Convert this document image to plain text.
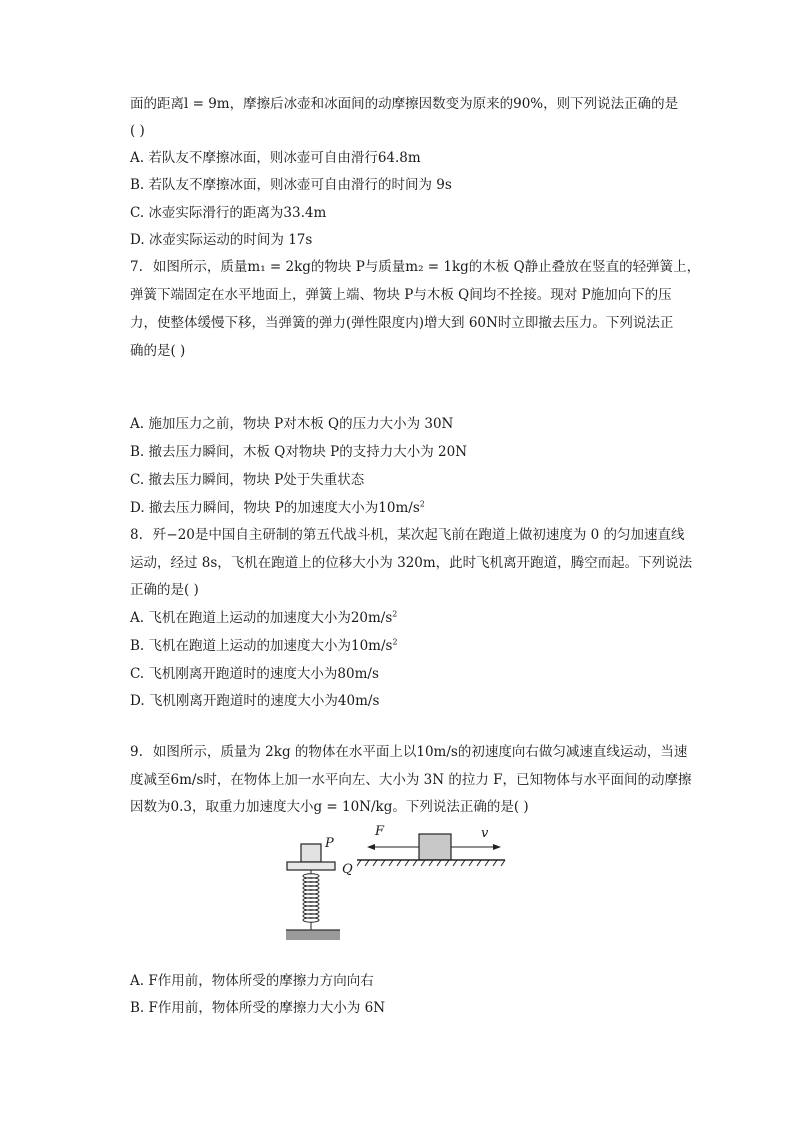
面的距离l = 9m，摩擦后冰壶和冰面间的动摩擦因数变为原来的90%，则下列说法正确的是
( )
A. 若队友不摩擦冰面，则冰壶可自由滑行64.8m
B. 若队友不摩擦冰面，则冰壶可自由滑行的时间为 9s
C. 冰壶实际滑行的距离为33.4m
D. 冰壶实际运动的时间为 17s
7. 如图所示，质量m₁ = 2kg的物块 P与质量m₂ = 1kg的木板 Q静止叠放在竖直的轻弹簧上，
弹簧下端固定在水平地面上，弹簧上端、物块 P与木板 Q间均不拴接。现对 P施加向下的压
力，使整体缓慢下移，当弹簧的弹力(弹性限度内)增大到 60N时立即撤去压力。下列说法正
确的是( )
A. 施加压力之前，物块 P对木板 Q的压力大小为 30N
B. 撤去压力瞬间，木板 Q对物块 P的支持力大小为 20N
C. 撤去压力瞬间，物块 P处于失重状态
D. 撤去压力瞬间，物块 P的加速度大小为$10m/s^2$
8. 歼−20是中国自主研制的第五代战斗机，某次起飞前在跑道上做初速度为 0 的匀加速直线
运动，经过 8s，飞机在跑道上的位移大小为 320m，此时飞机离开跑道，腾空而起。下列说法
正确的是( )
A. 飞机在跑道上运动的加速度大小为$20m/s^2$
B. 飞机在跑道上运动的加速度大小为$10m/s^2$
C. 飞机刚离开跑道时的速度大小为80m/s
D. 飞机刚离开跑道时的速度大小为40m/s
9. 如图所示，质量为 2kg 的物体在水平面上以10m/s的初速度向右做匀减速直线运动，当速
度减至6m/s时，在物体上加一水平向左、大小为 3N 的拉力 F，已知物体与水平面间的动摩擦
因数为0.3，取重力加速度大小g = 10N/kg。下列说法正确的是( )
P
Q
F	v
A. F作用前，物体所受的摩擦力方向向右
B. F作用前，物体所受的摩擦力大小为 6N
